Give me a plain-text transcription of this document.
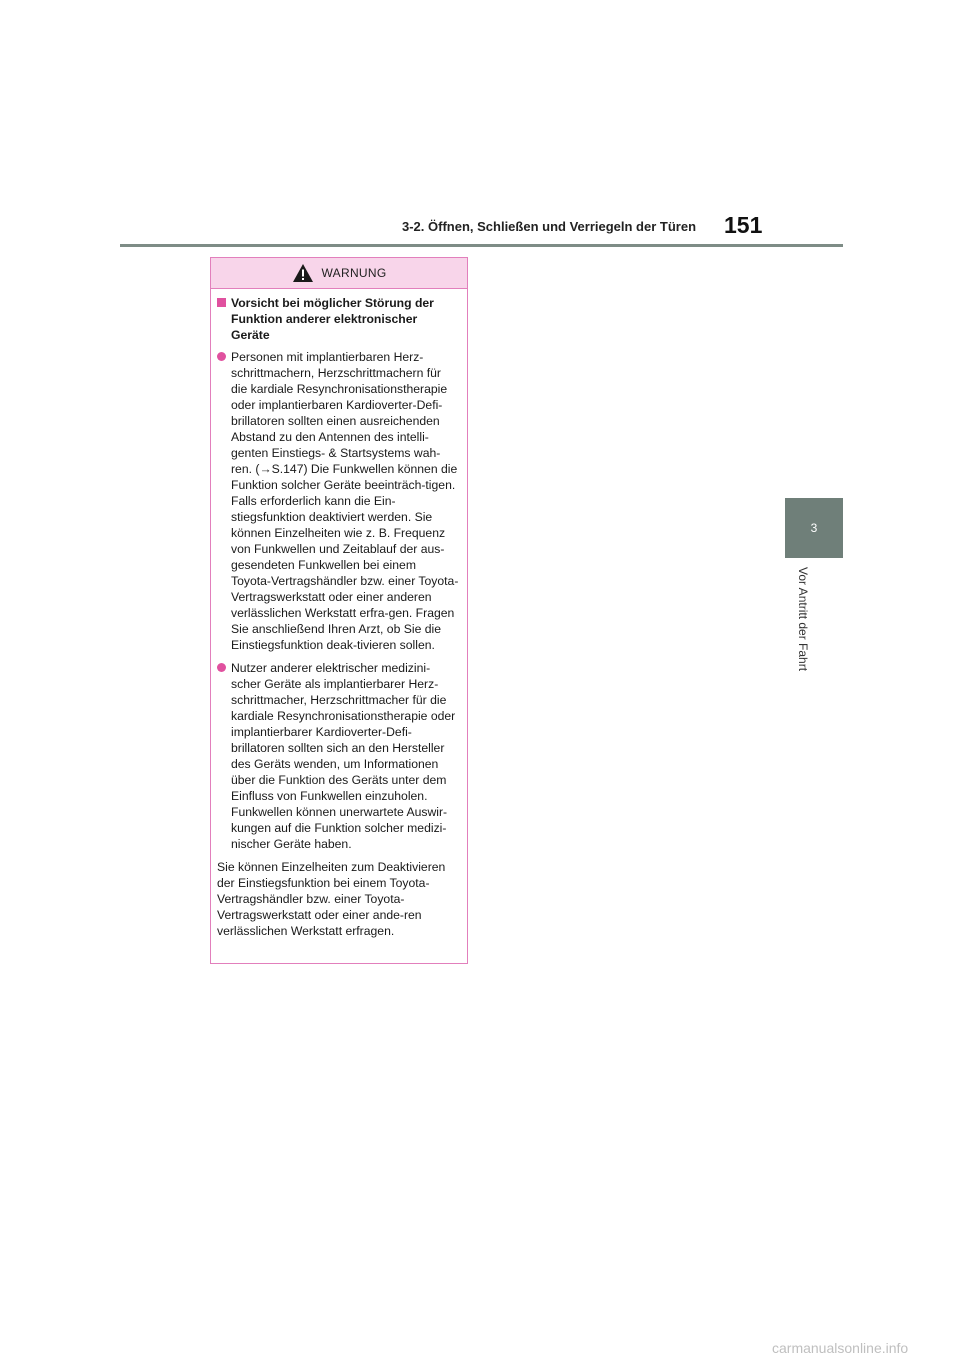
3-2. Öffnen, Schließen und Verriegeln der Türen 151
3
Vor Antritt der Fahrt
WARNUNG
Vorsicht bei möglicher Störung der Funktion anderer elektronischer Geräte
Personen mit implantierbaren Herz-schrittmachern, Herzschrittmachern für die kardiale Resynchronisationstherapie oder implantierbaren Kardioverter-Defi-brillatoren sollten einen ausreichenden Abstand zu den Antennen des intelli-genten Einstiegs- & Startsystems wah-ren. (→S.147) Die Funkwellen können die Funktion solcher Geräte beeinträch-tigen. Falls erforderlich kann die Ein-stiegsfunktion deaktiviert werden. Sie können Einzelheiten wie z. B. Frequenz von Funkwellen und Zeitablauf der aus-gesendeten Funkwellen bei einem Toyota-Vertragshändler bzw. einer Toyota-Vertragswerkstatt oder einer anderen verlässlichen Werkstatt erfra-gen. Fragen Sie anschließend Ihren Arzt, ob Sie die Einstiegsfunktion deak-tivieren sollen.
Nutzer anderer elektrischer medizini-scher Geräte als implantierbarer Herz-schrittmacher, Herzschrittmacher für die kardiale Resynchronisationstherapie oder implantierbarer Kardioverter-Defi-brillatoren sollten sich an den Hersteller des Geräts wenden, um Informationen über die Funktion des Geräts unter dem Einfluss von Funkwellen einzuholen. Funkwellen können unerwartete Auswir-kungen auf die Funktion solcher medizi-nischer Geräte haben.
Sie können Einzelheiten zum Deaktivieren der Einstiegsfunktion bei einem Toyota-Vertragshändler bzw. einer Toyota-Vertragswerkstatt oder einer ande-ren verlässlichen Werkstatt erfragen.
carmanualsonline.info
